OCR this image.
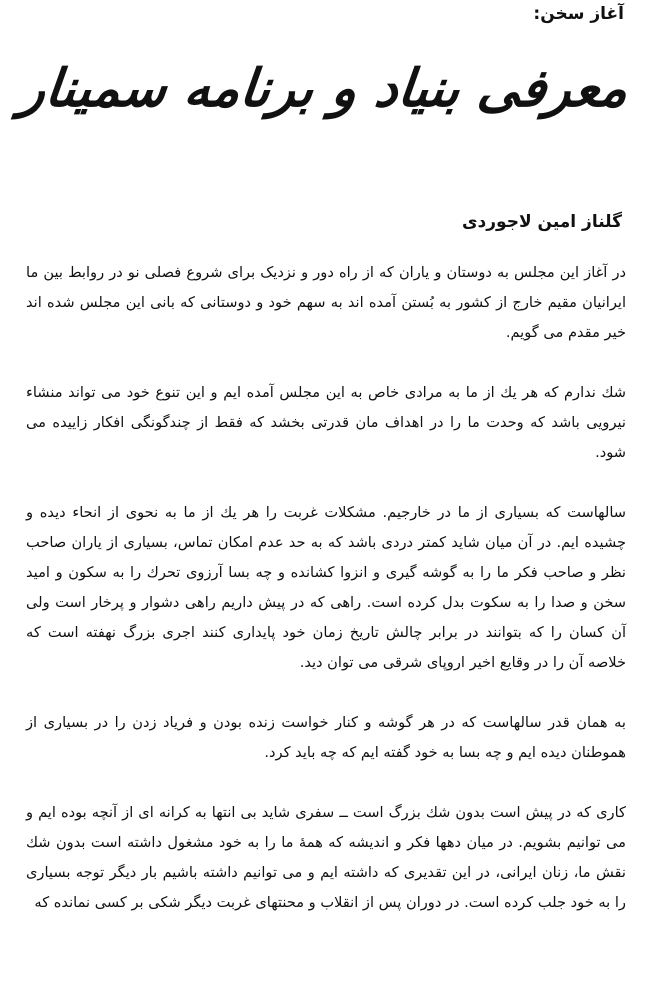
آغاز سخن:
معرفی بنیاد و برنامه سمینار
گلناز امین لاجوردی

در آغاز این مجلس به دوستان و یاران که از راه دور و نزدیک برای شروع فصلی نو در روابط بین ما ایرانیان مقیم خارج از کشور به بُستن آمده اند به سهم خود و دوستانی که بانی این مجلس شده اند خیر مقدم می گویم.

شك ندارم که هر یك از ما به مرادی خاص به این مجلس آمده ایم و این تنوع خود می تواند منشاء نیرویی باشد که وحدت ما را در اهداف مان قدرتی بخشد که فقط از چندگونگی افکار زاییده می شود.

سالهاست که بسیاری از ما در خارجیم. مشکلات غربت را هر یك از ما به نحوی از انحاء دیده و چشیده ایم. در آن میان شاید کمتر دردی باشد که به حد عدم امکان تماس، بسیاری از یاران صاحب نظر و صاحب فکر ما را به گوشه گیری و انزوا کشانده و چه بسا آرزوی تحرك را به سکون و امید سخن و صدا را به سکوت بدل کرده است. راهی که در پیش داریم راهی دشوار و پرخار است ولی آن کسان را که بتوانند در برابر چالش تاریخ زمان خود پایداری کنند اجری بزرگ نهفته است که خلاصه آن را در وقایع اخیر اروپای شرقی می توان دید.

به همان قدر سالهاست که در هر گوشه و کنار خواست زنده بودن و فریاد زدن را در بسیاری از هموطنان دیده ایم و چه بسا به خود گفته ایم که چه باید کرد.

کاری که در پیش است بدون شك بزرگ است ــ سفری شاید بی انتها به کرانه ای از آنچه بوده ایم و می توانیم بشویم. در میان دهها فکر و اندیشه که همهٔ ما را به خود مشغول داشته است بدون شك نقش ما، زنان ایرانی، در این تقدیری که داشته ایم و می توانیم داشته باشیم بار دیگر توجه بسیاری را به خود جلب کرده است. در دوران پس از انقلاب و محنتهای غربت دیگر شکی بر کسی نمانده که
